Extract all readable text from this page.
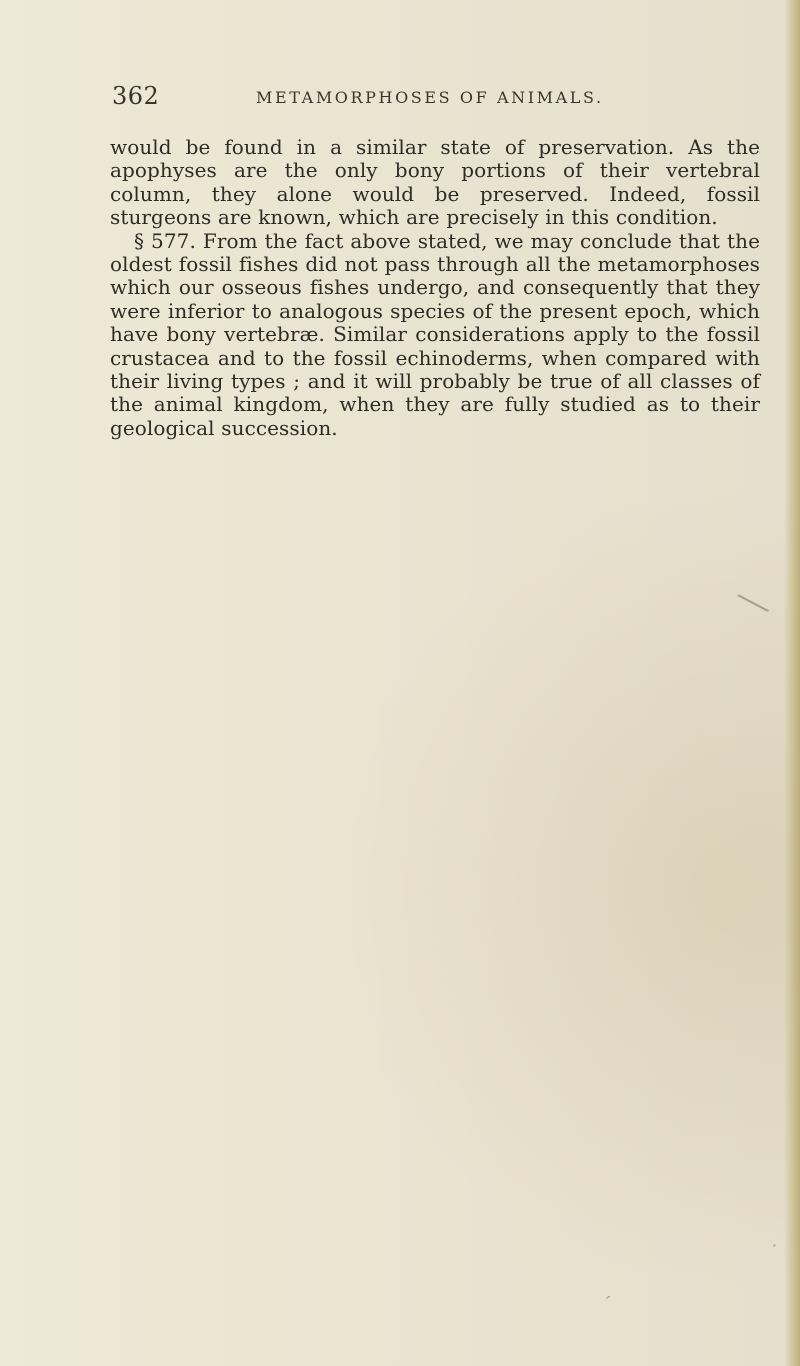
362	METAMORPHOSES OF ANIMALS.

would be found in a similar state of preservation. As the apophyses are the only bony portions of their vertebral column, they alone would be preserved. Indeed, fossil sturgeons are known, which are precisely in this condition.

§ 577. From the fact above stated, we may conclude that the oldest fossil fishes did not pass through all the metamorphoses which our osseous fishes undergo, and consequently that they were inferior to analogous species of the present epoch, which have bony vertebræ. Similar considerations apply to the fossil crustacea and to the fossil echinoderms, when compared with their living types ; and it will probably be true of all classes of the animal kingdom, when they are fully studied as to their geological succession.

′
╲
·
